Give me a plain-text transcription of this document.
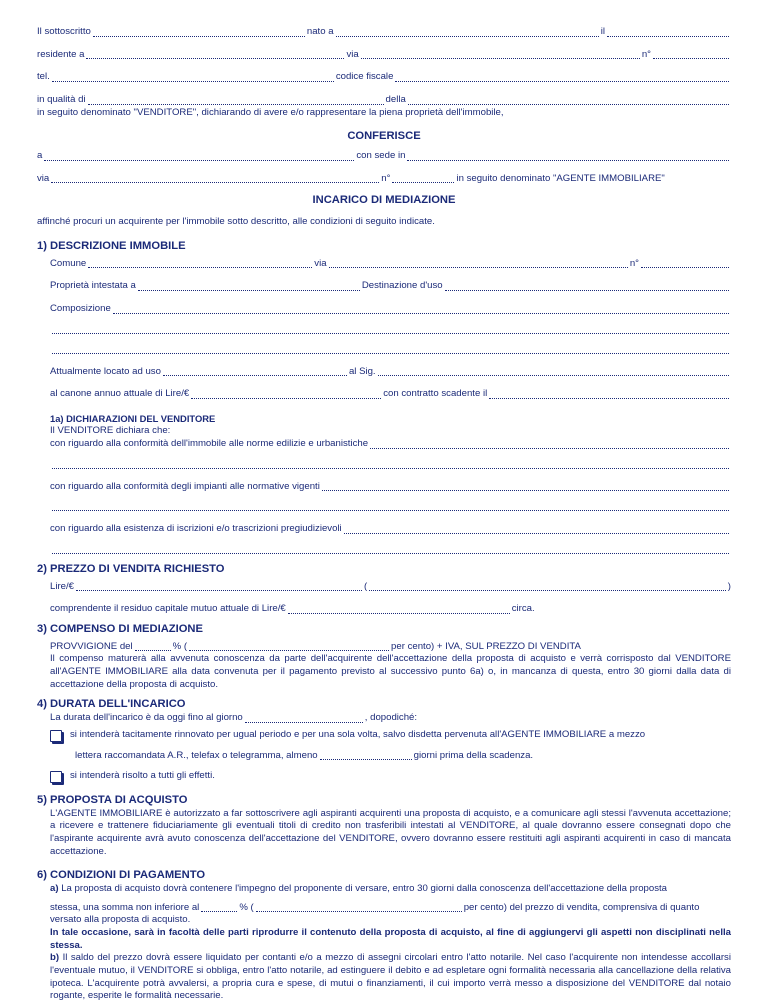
Il sottoscritto	nato a	il
residente a	via	n°
tel.	codice fiscale
in qualità di	della
in seguito denominato "VENDITORE", dichiarando di avere e/o rappresentare la piena proprietà dell'immobile,
CONFERISCE
a	con sede in
via	n°	in seguito denominato "AGENTE IMMOBILIARE"
INCARICO DI MEDIAZIONE
affinché procuri un acquirente per l'immobile sotto descritto, alle condizioni di seguito indicate.
1) DESCRIZIONE IMMOBILE
Comune	via	n°
Proprietà intestata a	Destinazione d'uso
Composizione
Attualmente locato ad uso	al Sig.
al canone annuo attuale di Lire/€	con contratto scadente il
1a) DICHIARAZIONI DEL VENDITORE
Il VENDITORE dichiara che:
con riguardo alla conformità dell'immobile alle norme edilizie e urbanistiche
con riguardo alla conformità degli impianti alle normative vigenti
con riguardo alla esistenza di iscrizioni e/o trascrizioni pregiudizievoli
2) PREZZO DI VENDITA RICHIESTO
Lire/€	(	)
comprendente il residuo capitale mutuo attuale di Lire/€	circa.
3) COMPENSO DI MEDIAZIONE
PROVVIGIONE del	% (	per cento) + IVA, SUL PREZZO DI VENDITA
Il compenso maturerà alla avvenuta conoscenza da parte dell'acquirente dell'accettazione della proposta di acquisto e verrà corrisposto dal VENDITORE all'AGENTE IMMOBILIARE alla data convenuta per il pagamento previsto al successivo punto 6a) o, in mancanza di questa, entro 30 giorni dalla data di accettazione della proposta di acquisto.
4) DURATA DELL'INCARICO
La durata dell'incarico è da oggi fino al giorno	, dopodiché:
si intenderà tacitamente rinnovato per ugual periodo e per una sola volta, salvo disdetta pervenuta all'AGENTE IMMOBILIARE a mezzo
lettera raccomandata A.R., telefax o telegramma, almeno	giorni prima della scadenza.
si intenderà risolto a tutti gli effetti.
5) PROPOSTA DI ACQUISTO
L'AGENTE IMMOBILIARE è autorizzato a far sottoscrivere agli aspiranti acquirenti una proposta di acquisto, e a comunicare agli stessi l'avvenuta accettazione; a ricevere e trattenere fiduciariamente gli eventuali titoli di credito non trasferibili intestati al VENDITORE, al quale dovranno essere consegnati dopo che l'aspirante acquirente avrà avuto conoscenza dell'accettazione del VENDITORE, ovvero dovranno essere restituiti agli aspiranti acquirenti in caso di mancata accettazione.
6) CONDIZIONI DI PAGAMENTO
a) La proposta di acquisto dovrà contenere l'impegno del proponente di versare, entro 30 giorni dalla conoscenza dell'accettazione della proposta
stessa, una somma non inferiore al	% (	per cento) del prezzo di vendita, comprensiva di quanto
versato alla proposta di acquisto.
In tale occasione, sarà in facoltà delle parti riprodurre il contenuto della proposta di acquisto, al fine di aggiungervi gli aspetti non disciplinati nella stessa.
b) Il saldo del prezzo dovrà essere liquidato per contanti e/o a mezzo di assegni circolari entro l'atto notarile. Nel caso l'acquirente non intendesse accollarsi l'eventuale mutuo, il VENDITORE si obbliga, entro l'atto notarile, ad estinguere il debito e ad espletare ogni formalità necessaria alla cancellazione della relativa ipoteca. L'acquirente potrà avvalersi, a propria cura e spese, di mutui o finanziamenti, il cui importo verrà messo a disposizione del VENDITORE dal notaio rogante, esperite le formalità necessarie.
